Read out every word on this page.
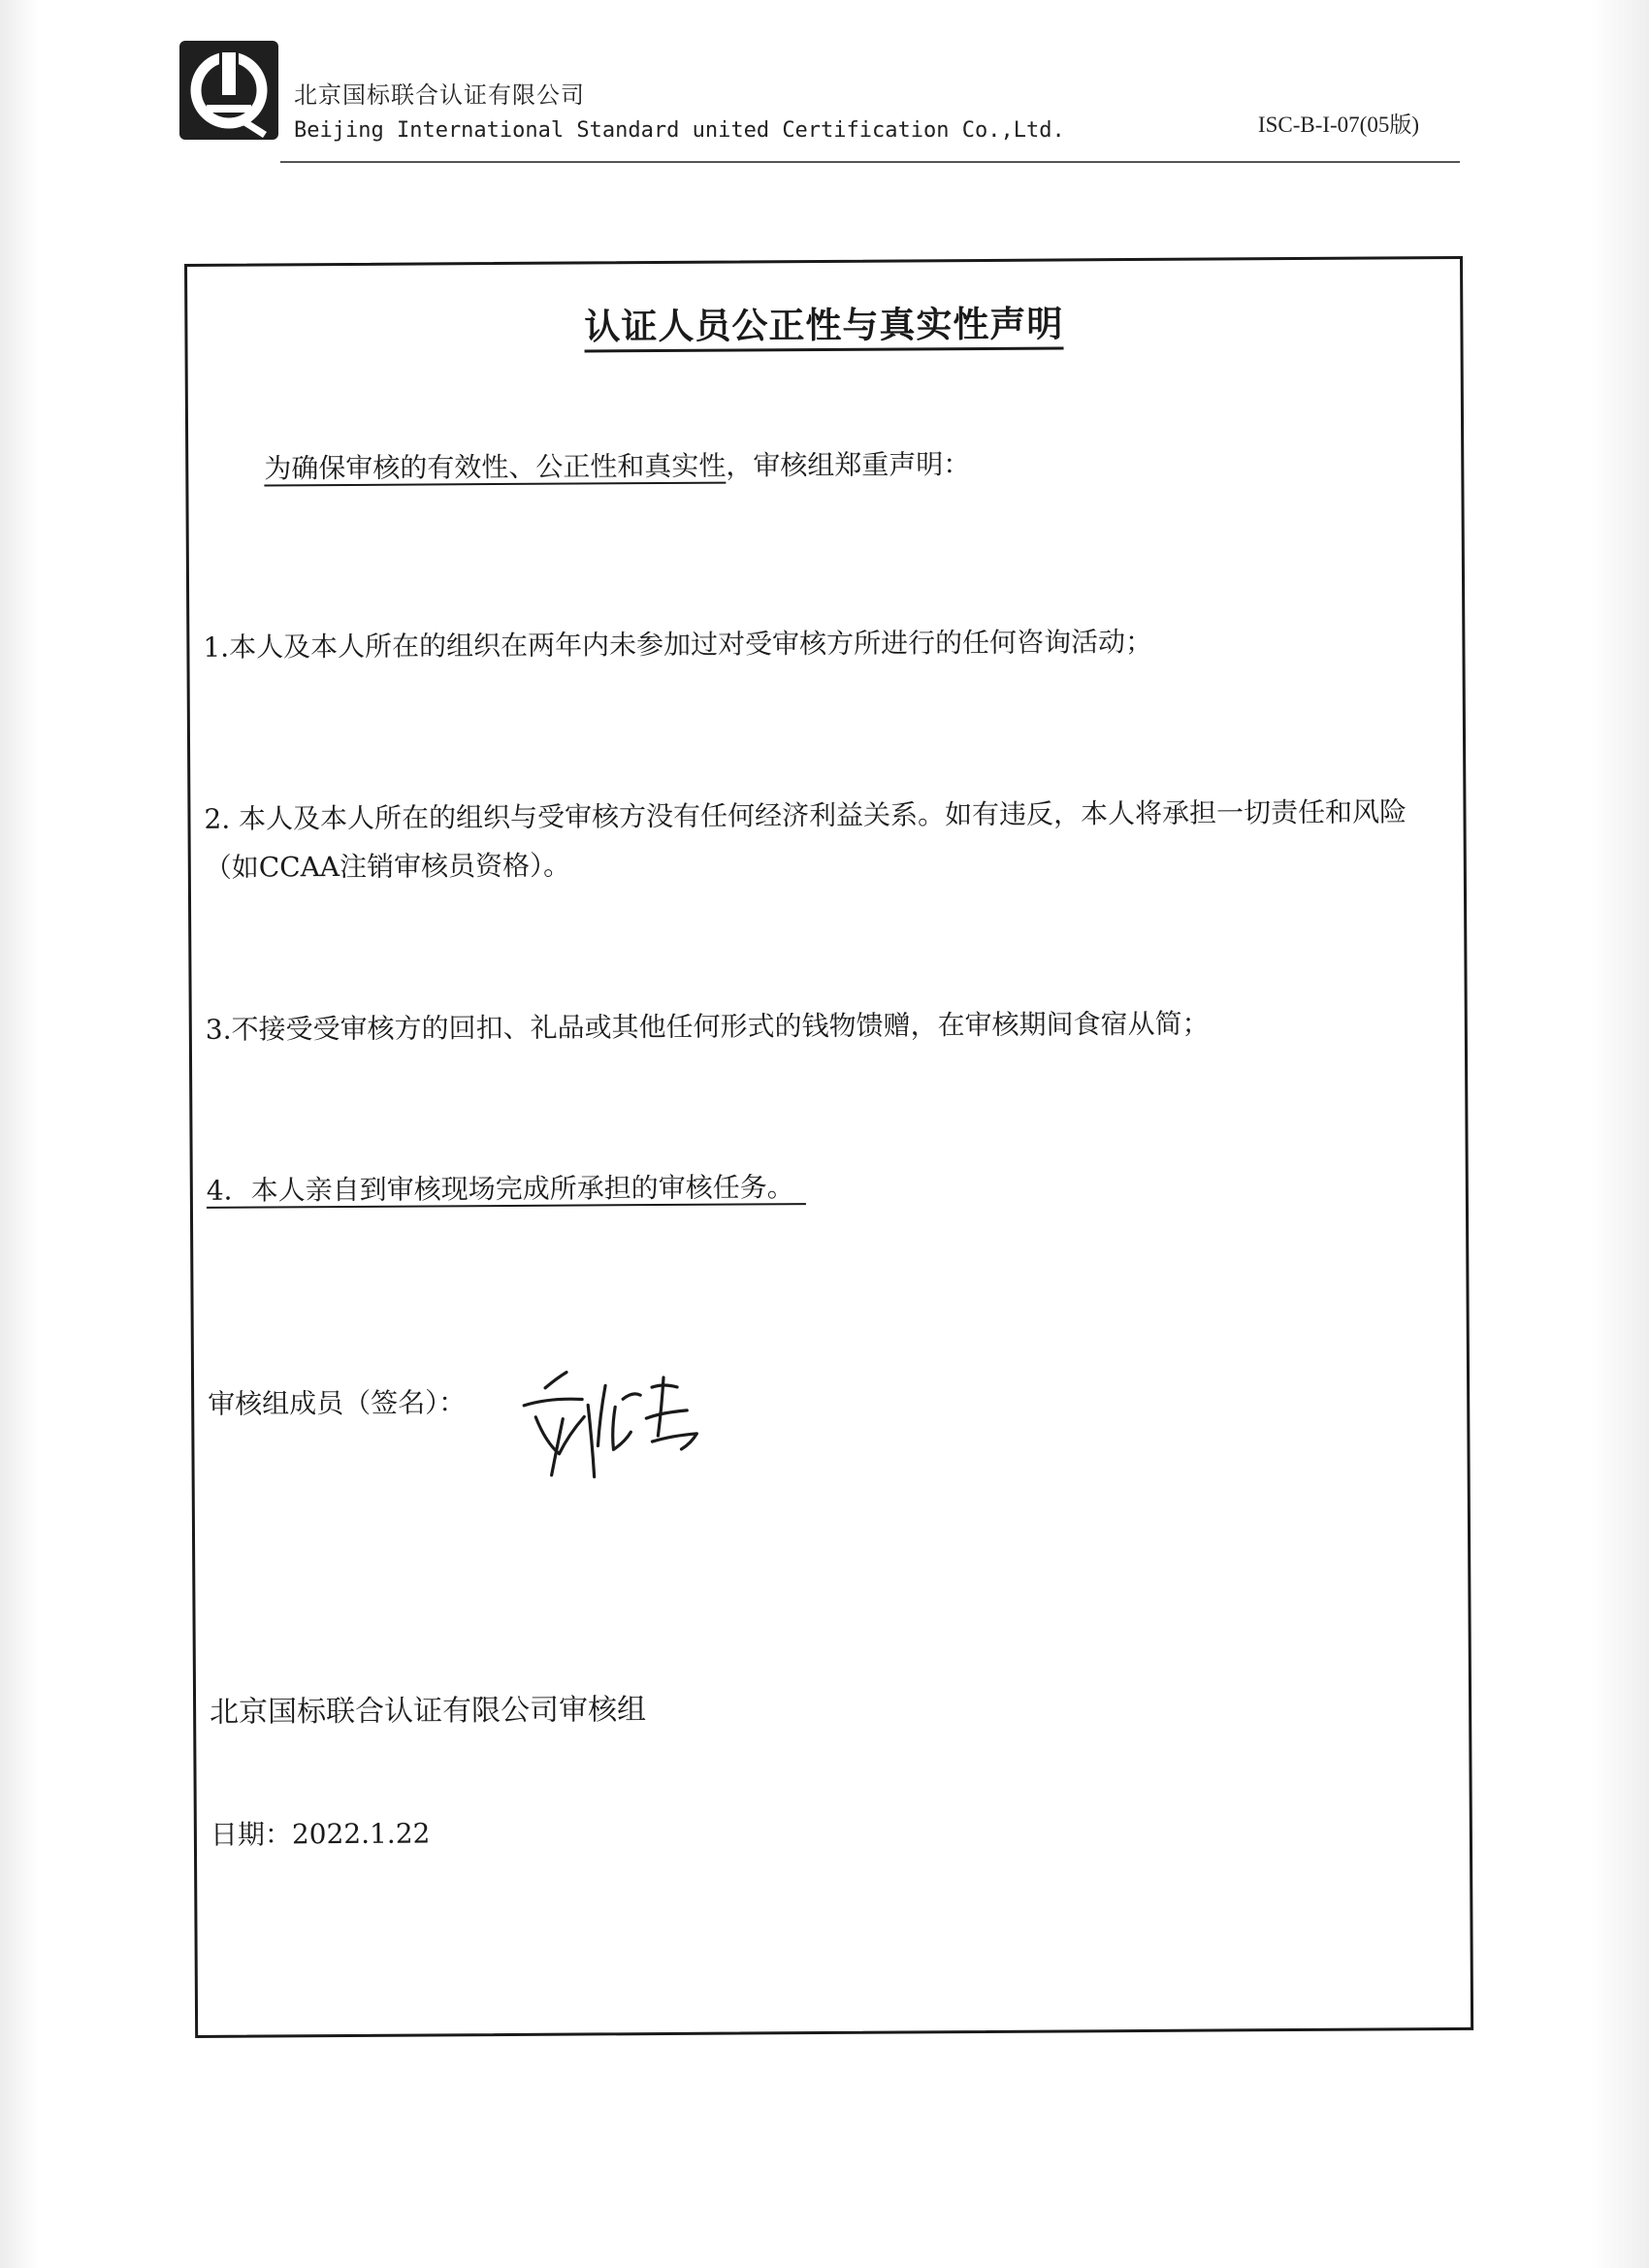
北京国标联合认证有限公司
Beijing International Standard united Certification Co.,Ltd.	ISC-B-I-07(05版)
认证人员公正性与真实性声明
为确保审核的有效性、公正性和真实性，审核组郑重声明：
1.本人及本人所在的组织在两年内未参加过对受审核方所进行的任何咨询活动；
2. 本人及本人所在的组织与受审核方没有任何经济利益关系。如有违反，本人将承担一切责任和风险（如CCAA注销审核员资格）。
3.不接受受审核方的回扣、礼品或其他任何形式的钱物馈赠，在审核期间食宿从简；
4．本人亲自到审核现场完成所承担的审核任务。
审核组成员（签名）：
北京国标联合认证有限公司审核组
日期：2022.1.22
